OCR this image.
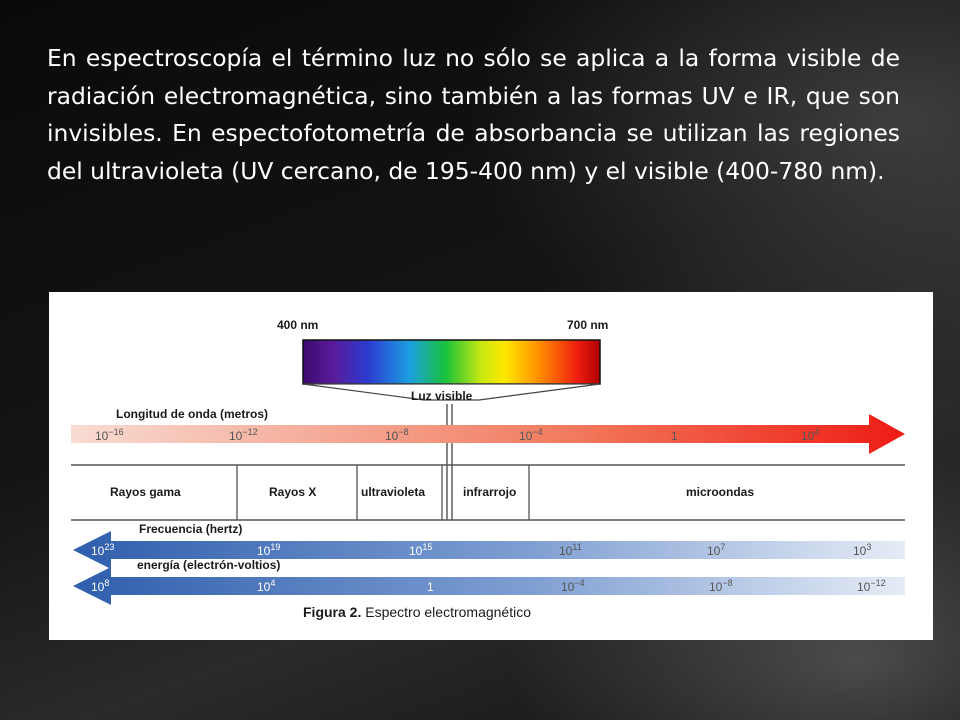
En espectroscopía el término luz no sólo se aplica a la forma visible de radiación electromagnética, sino también a las formas UV e IR, que son invisibles. En espectofotometría de absorbancia se utilizan las regiones del ultravioleta (UV cercano, de 195-400 nm) y el visible (400-780 nm).

400 nm	700 nm
Luz visible
Longitud de onda (metros)
$10^{-16}$	$10^{-12}$	$10^{-8}$	$10^{-4}$	1	$10^4$
Rayos gama	Rayos X	ultravioleta	infrarrojo	microondas
Frecuencia (hertz)
$10^{23}$	$10^{19}$	$10^{15}$	$10^{11}$	$10^7$	$10^3$
energía (electrón-voltios)
$10^8$	$10^4$	1	$10^{-4}$	$10^{-8}$	$10^{-12}$
Figura 2. Espectro electromagnético
